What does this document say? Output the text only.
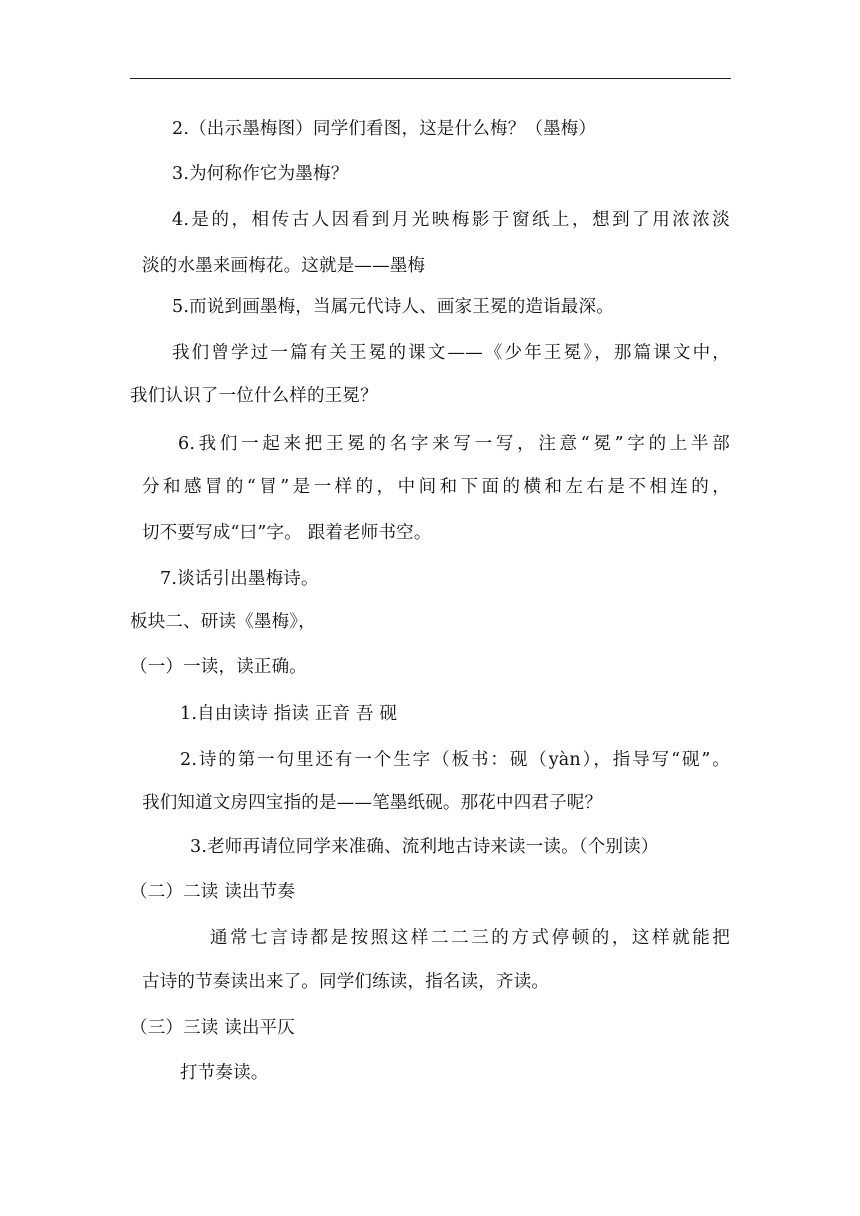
2.（出示墨梅图）同学们看图，这是什么梅？（墨梅）
3.为何称作它为墨梅？
4.是的，相传古人因看到月光映梅影于窗纸上，想到了用浓浓淡
淡的水墨来画梅花。这就是——墨梅
5.而说到画墨梅，当属元代诗人、画家王冕的造诣最深。
我们曾学过一篇有关王冕的课文——《少年王冕》，那篇课文中，
我们认识了一位什么样的王冕？
6.我们一起来把王冕的名字来写一写，注意“冕”字的上半部
分和感冒的“冒”是一样的，中间和下面的横和左右是不相连的，
切不要写成“曰”字。 跟着老师书空。
7.谈话引出墨梅诗。
板块二、研读《墨梅》，
（一）一读，读正确。
1.自由读诗 指读 正音 吾 砚
2.诗的第一句里还有一个生字（板书：砚（yàn），指导写“砚”。
我们知道文房四宝指的是——笔墨纸砚。那花中四君子呢？
3.老师再请位同学来准确、流利地古诗来读一读。（个别读）
（二）二读 读出节奏
通常七言诗都是按照这样二二三的方式停顿的，这样就能把
古诗的节奏读出来了。同学们练读，指名读，齐读。
（三）三读 读出平仄
打节奏读。
